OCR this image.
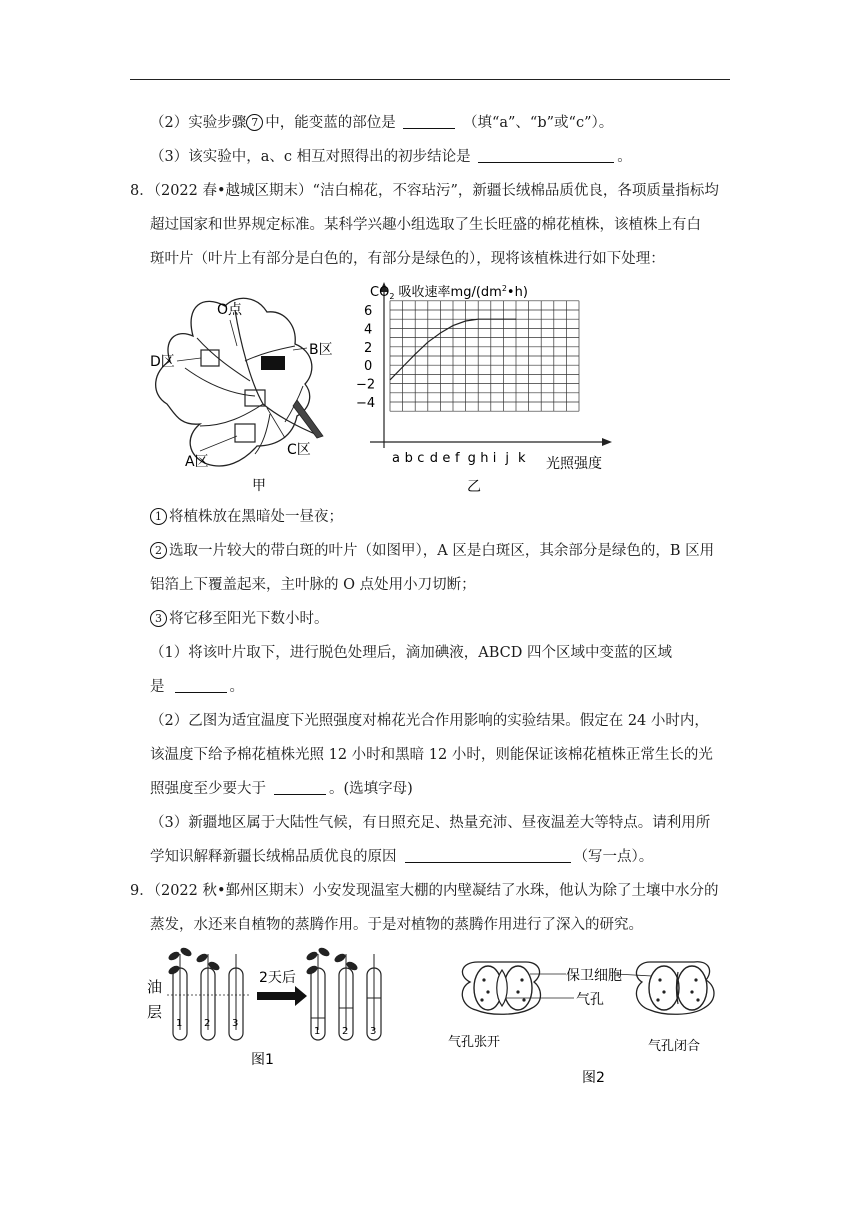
（2）实验步骤 7 中，能变蓝的部位是	（填“a”、“b”或“c”）。
（3）该实验中，a、c 相互对照得出的初步结论是	。
8．（2022 春•越城区期末）“洁白棉花，不容玷污”，新疆长绒棉品质优良，各项质量指标均
超过国家和世界规定标准。某科学兴趣小组选取了生长旺盛的棉花植株，该植株上有白
斑叶片（叶片上有部分是白色的，有部分是绿色的），现将该植株进行如下处理：
O点
B区
D区
A区
C区
甲
−4
−2
0
2
4
6
a b c d e f g h i j k
$CO_2$ 吸收速率$mg/(dm^2•h)$
光照强度
乙
1 将植株放在黑暗处一昼夜；
2 选取一片较大的带白斑的叶片（如图甲），A 区是白斑区，其余部分是绿色的，B 区用
铝箔上下覆盖起来，主叶脉的 O 点处用小刀切断；
3 将它移至阳光下数小时。
（1）将该叶片取下，进行脱色处理后，滴加碘液，ABCD 四个区域中变蓝的区域
是	。
（2）乙图为适宜温度下光照强度对棉花光合作用影响的实验结果。假定在 24 小时内，
该温度下给予棉花植株光照 12 小时和黑暗 12 小时，则能保证该棉花植株正常生长的光
照强度至少要大于	。(选填字母)
（3）新疆地区属于大陆性气候，有日照充足、热量充沛、昼夜温差大等特点。请利用所
学知识解释新疆长绒棉品质优良的原因	（写一点）。
9．（2022 秋•鄞州区期末）小安发现温室大棚的内壁凝结了水珠，他认为除了土壤中水分的
蒸发，水还来自植物的蒸腾作用。于是对植物的蒸腾作用进行了深入的研究。
油
层
1 2 3
2天后
1 2 3
图1
气孔张开	气孔闭合
保卫细胞
气孔
图2
